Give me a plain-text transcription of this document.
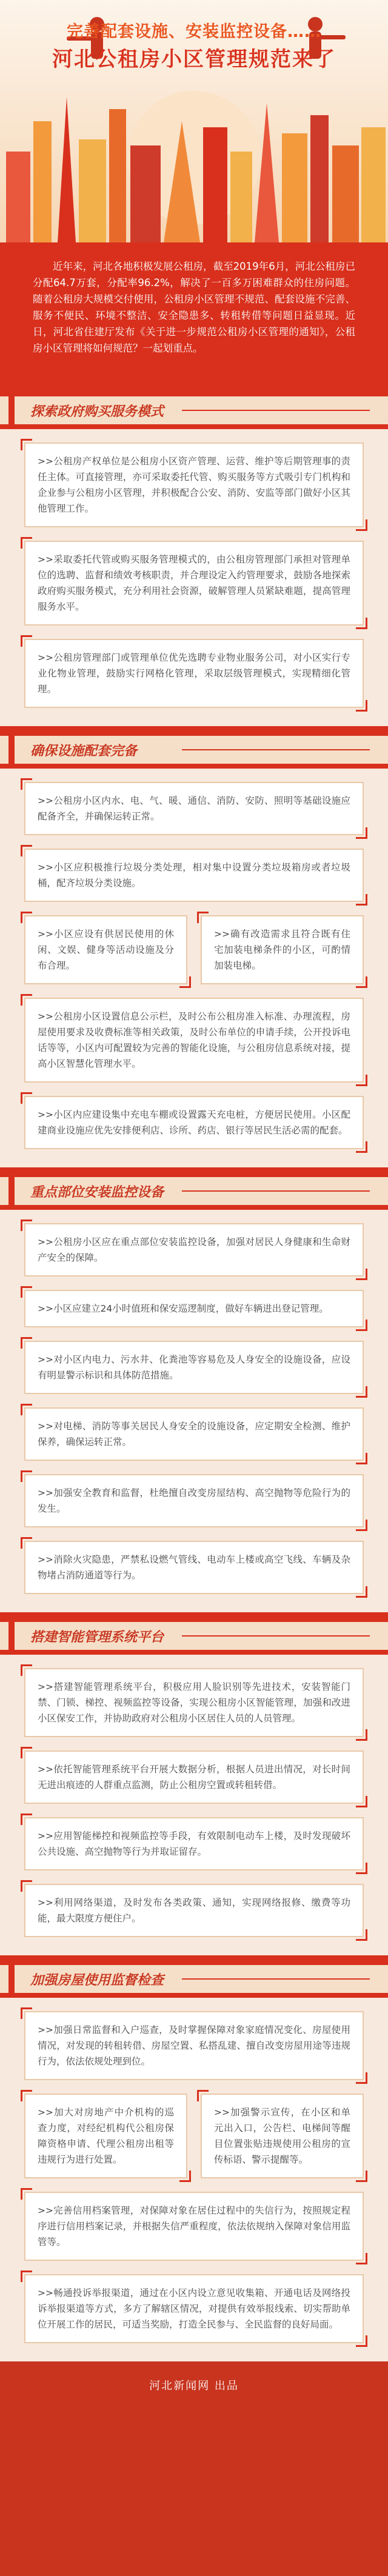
完善配套设施、安装监控设备……
河北公租房小区管理规范来了

近年来，河北各地积极发展公租房，截至2019年6月，河北公租房已分配64.7万套，分配率96.2%，解决了一百多万困难群众的住房问题。随着公租房大规模交付使用，公租房小区管理不规范、配套设施不完善、服务不便民、环境不整洁、安全隐患多、转租转借等问题日益显现。近日，河北省住建厅发布《关于进一步规范公租房小区管理的通知》，公租房小区管理将如何规范？一起划重点。

探索政府购买服务模式
>>公租房产权单位是公租房小区资产管理、运营、维护等后期管理事的责任主体。可直接管理，亦可采取委托代管、购买服务等方式吸引专门机构和企业参与公租房小区管理，并积极配合公安、消防、安监等部门做好小区其他管理工作。
>>采取委托代管或购买服务管理模式的，由公租房管理部门承担对管理单位的选聘、监督和绩效考核职责，并合理设定入约管理要求，鼓励各地探索政府购买服务模式，充分利用社会资源，破解管理人员紧缺难题，提高管理服务水平。
>>公租房管理部门或管理单位优先选聘专业物业服务公司，对小区实行专业化物业管理，鼓励实行网格化管理，采取层级管理模式，实现精细化管理。
确保设施配套完备
>>公租房小区内水、电、气、暖、通信、消防、安防、照明等基础设施应配备齐全，并确保运转正常。
>>小区应积极推行垃圾分类处理，相对集中设置分类垃圾箱房或者垃圾桶，配齐垃圾分类设施。
>>小区应设有供居民使用的休闲、文娱、健身等活动设施及分布合理。
>>确有改造需求且符合既有住宅加装电梯条件的小区，可酌情加装电梯。
>>公租房小区设置信息公示栏，及时公布公租房准入标准、办理流程，房屋使用要求及收费标准等相关政策，及时公布单位的申请手续，公开投诉电话等等，小区内可配置较为完善的智能化设施，与公租房信息系统对接，提高小区智慧化管理水平。
>>小区内应建设集中充电车棚或设置露天充电桩，方便居民使用。小区配建商业设施应优先安排便利店、诊所、药店、银行等居民生活必需的配套。
重点部位安装监控设备
>>公租房小区应在重点部位安装监控设备，加强对居民人身健康和生命财产安全的保障。
>>小区应建立24小时值班和保安巡逻制度，做好车辆进出登记管理。
>>对小区内电力、污水井、化粪池等容易危及人身安全的设施设备，应设有明显警示标识和具体防范措施。
>>对电梯、消防等事关居民人身安全的设施设备，应定期安全检测、维护保养，确保运转正常。
>>加强安全教育和监督，杜绝擅自改变房屋结构、高空抛物等危险行为的发生。
>>消除火灾隐患，严禁私设燃气管线、电动车上楼或高空飞线、车辆及杂物堵占消防通道等行为。
搭建智能管理系统平台
>>搭建智能管理系统平台，积极应用人脸识别等先进技术，安装智能门禁、门锁、梯控、视频监控等设备，实现公租房小区智能管理，加强和改进小区保安工作，并协助政府对公租房小区居住人员的人员管理。
>>依托智能管理系统平台开展大数据分析，根据人员进出情况，对长时间无进出痕迹的人群重点监测，防止公租房空置或转租转借。
>>应用智能梯控和视频监控等手段，有效限制电动车上楼，及时发现破坏公共设施、高空抛物等行为并取证留存。
>>利用网络渠道，及时发布各类政策、通知，实现网络报修、缴费等功能，最大限度方便住户。
加强房屋使用监督检查
>>加强日常监督和入户巡查，及时掌握保障对象家庭情况变化、房屋使用情况，对发现的转租转借、房屋空置、私搭乱建、擅自改变房屋用途等违规行为，依法依规处理到位。
>>加大对房地产中介机构的巡查力度，对经纪机构代公租房保障资格申请、代理公租房出租等违规行为进行处置。
>>加强警示宣传，在小区和单元出入口，公告栏、电梯间等醒目位置张贴违规使用公租房的宣传标语、警示提醒等。
>>完善信用档案管理，对保障对象在居住过程中的失信行为，按照规定程序进行信用档案记录，并根据失信严重程度，依法依规纳入保障对象信用监管等。
>>畅通投诉举报渠道，通过在小区内设立意见收集箱、开通电话及网络投诉举报渠道等方式，多方了解辖区情况，对提供有效举报线索、切实帮助单位开展工作的居民，可适当奖励，打造全民参与、全民监督的良好局面。
河北新闻网 出品
